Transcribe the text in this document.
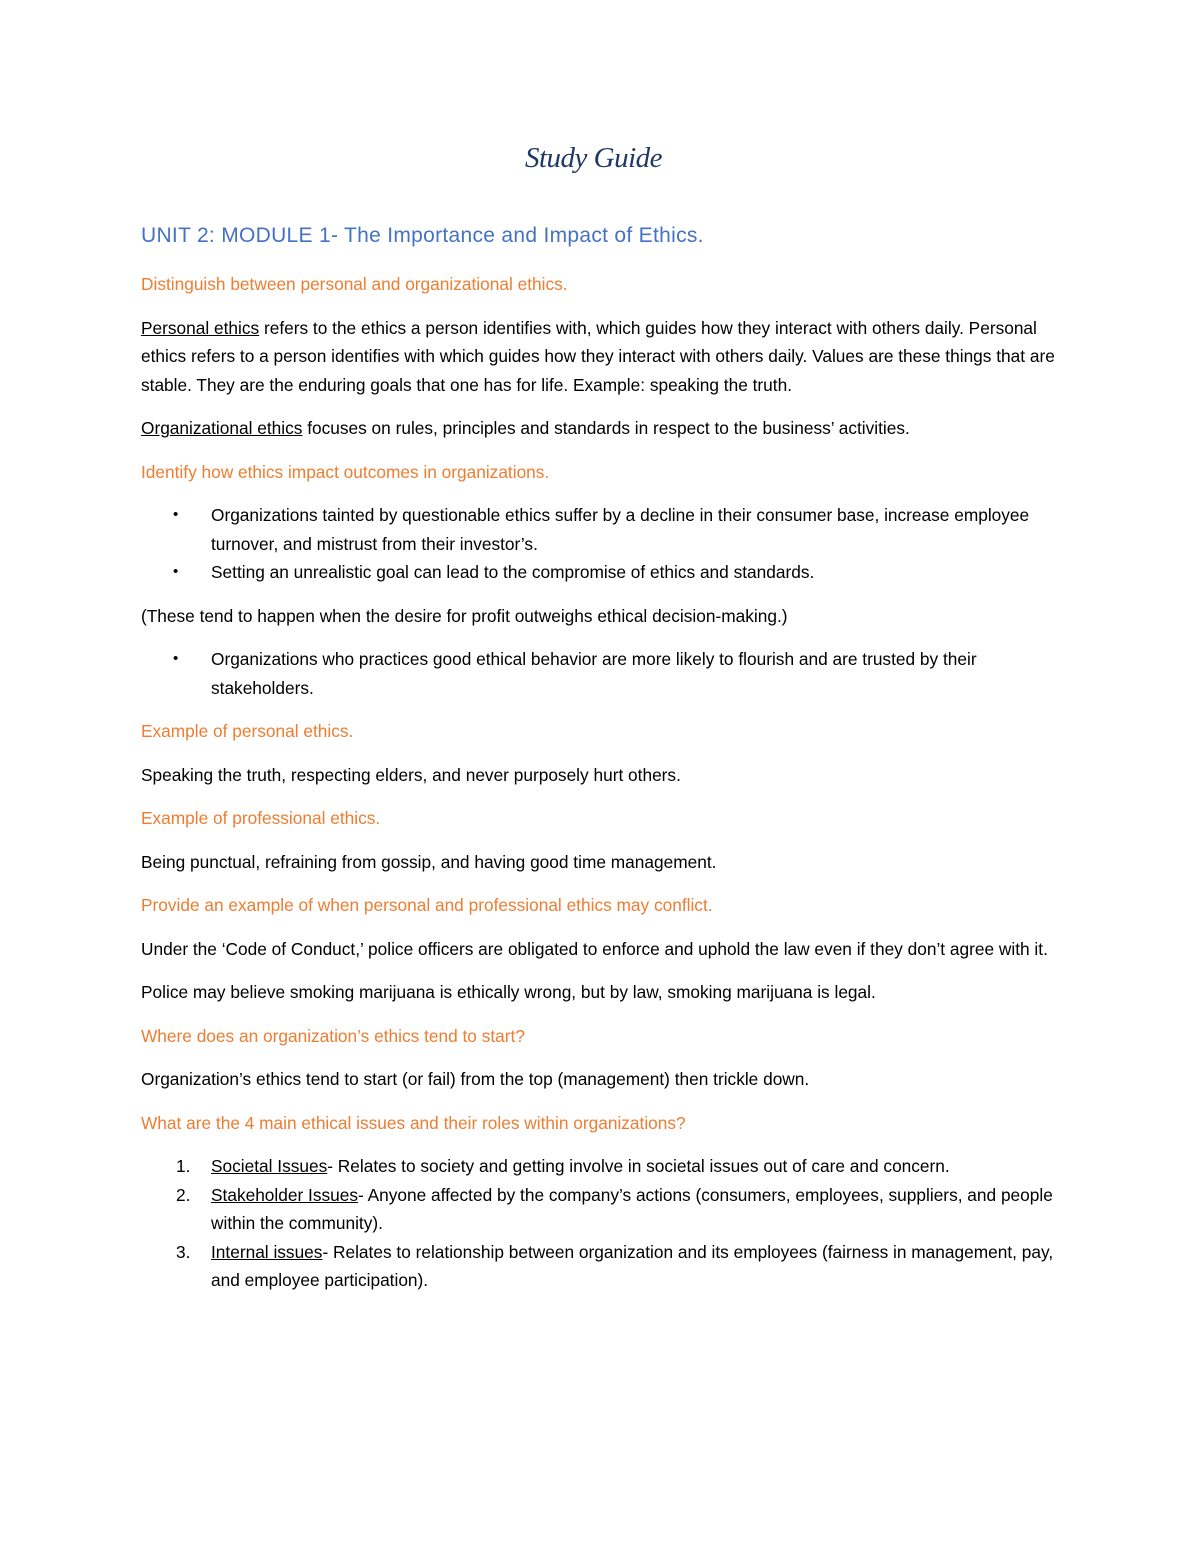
Study Guide
UNIT 2: MODULE 1- The Importance and Impact of Ethics.
Distinguish between personal and organizational ethics.
Personal ethics refers to the ethics a person identifies with, which guides how they interact with others daily. Personal ethics refers to a person identifies with which guides how they interact with others daily. Values are these things that are stable. They are the enduring goals that one has for life. Example: speaking the truth.
Organizational ethics focuses on rules, principles and standards in respect to the business’ activities.
Identify how ethics impact outcomes in organizations.
• Organizations tainted by questionable ethics suffer by a decline in their consumer base, increase employee turnover, and mistrust from their investor’s.
• Setting an unrealistic goal can lead to the compromise of ethics and standards.
(These tend to happen when the desire for profit outweighs ethical decision-making.)
• Organizations who practices good ethical behavior are more likely to flourish and are trusted by their stakeholders.
Example of personal ethics.
Speaking the truth, respecting elders, and never purposely hurt others.
Example of professional ethics.
Being punctual, refraining from gossip, and having good time management.
Provide an example of when personal and professional ethics may conflict.
Under the ‘Code of Conduct,’ police officers are obligated to enforce and uphold the law even if they don’t agree with it.
Police may believe smoking marijuana is ethically wrong, but by law, smoking marijuana is legal.
Where does an organization’s ethics tend to start?
Organization’s ethics tend to start (or fail) from the top (management) then trickle down.
What are the 4 main ethical issues and their roles within organizations?
1. Societal Issues- Relates to society and getting involve in societal issues out of care and concern.
2. Stakeholder Issues- Anyone affected by the company’s actions (consumers, employees, suppliers, and people within the community).
3. Internal issues- Relates to relationship between organization and its employees (fairness in management, pay, and employee participation).
